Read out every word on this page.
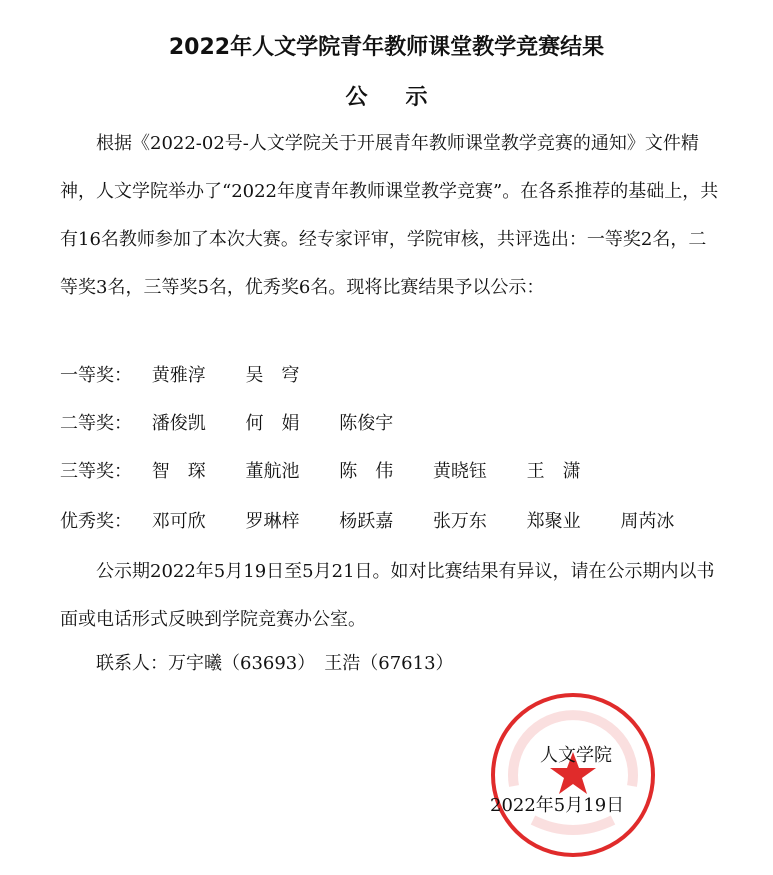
2022年人文学院青年教师课堂教学竞赛结果
公示

根据《2022-02号-人文学院关于开展青年教师课堂教学竞赛的通知》文件精神，人文学院举办了“2022年度青年教师课堂教学竞赛”。在各系推荐的基础上，共有16名教师参加了本次大赛。经专家评审，学院审核，共评选出：一等奖2名，二等奖3名，三等奖5名，优秀奖6名。现将比赛结果予以公示：

一等奖： 黄雅淳 吴　穹
二等奖： 潘俊凯 何　娟 陈俊宇
三等奖： 智　琛 董航池 陈　伟 黄晓钰 王　潇
优秀奖： 邓可欣 罗琳梓 杨跃嘉 张万东 郑聚业 周芮冰

公示期2022年5月19日至5月21日。如对比赛结果有异议，请在公示期内以书面或电话形式反映到学院竞赛办公室。

联系人：万宇曦（63693）　王浩（67613）
人文学院
2022年5月19日
